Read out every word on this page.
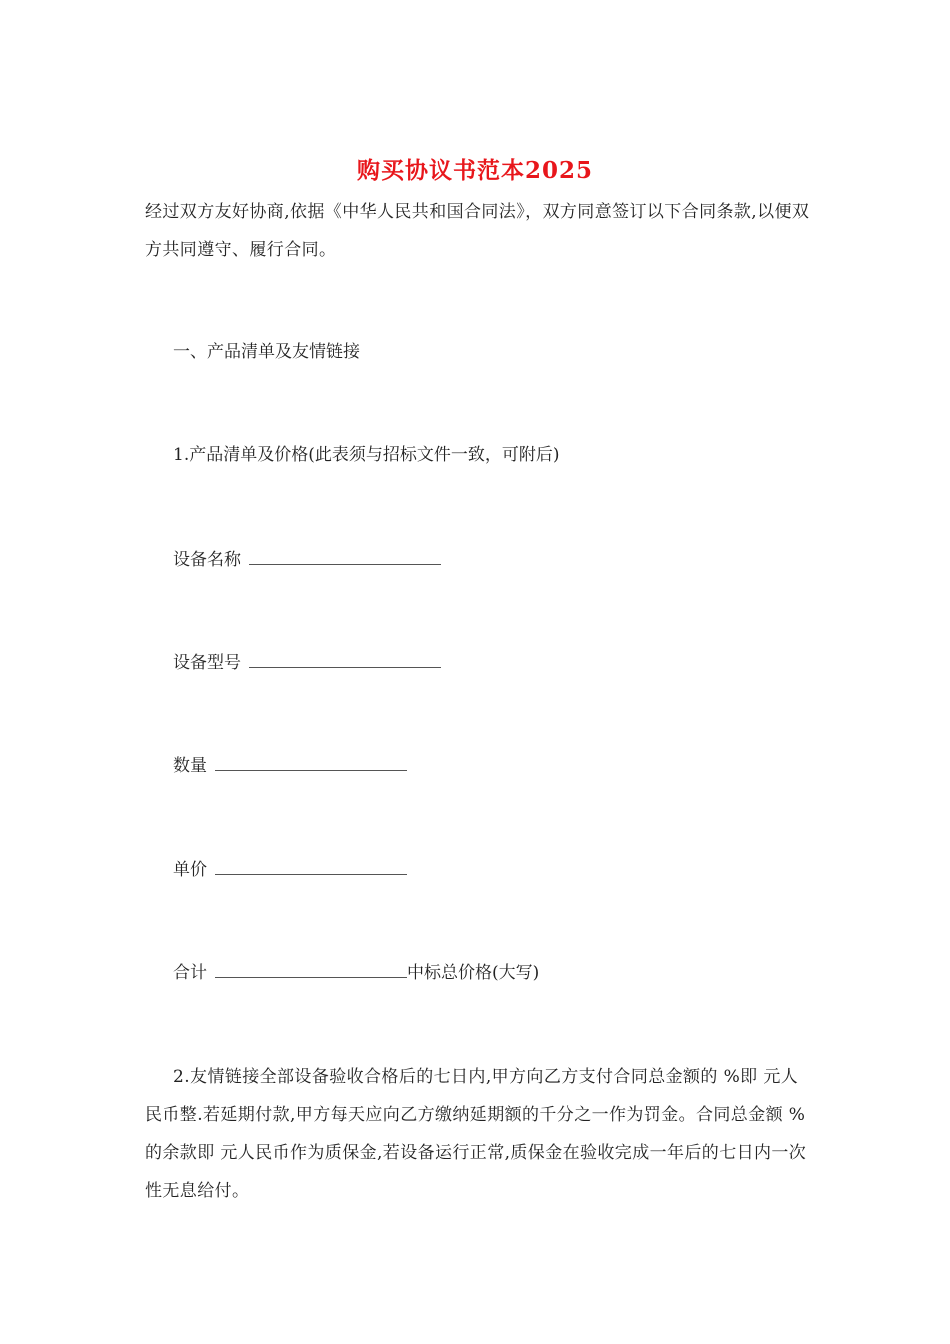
购买协议书范本2025

经过双方友好协商,依据《中华人民共和国合同法》，双方同意签订以下合同条款,以便双方共同遵守、履行合同。

一、产品清单及友情链接

1.产品清单及价格(此表须与招标文件一致，可附后)

设备名称

设备型号

数量

单价

合计	中标总价格(大写)

2.友情链接全部设备验收合格后的七日内,甲方向乙方支付合同总金额的 %即 元人民币整.若延期付款,甲方每天应向乙方缴纳延期额的千分之一作为罚金。合同总金额 %的余款即 元人民币作为质保金,若设备运行正常,质保金在验收完成一年后的七日内一次性无息给付。
